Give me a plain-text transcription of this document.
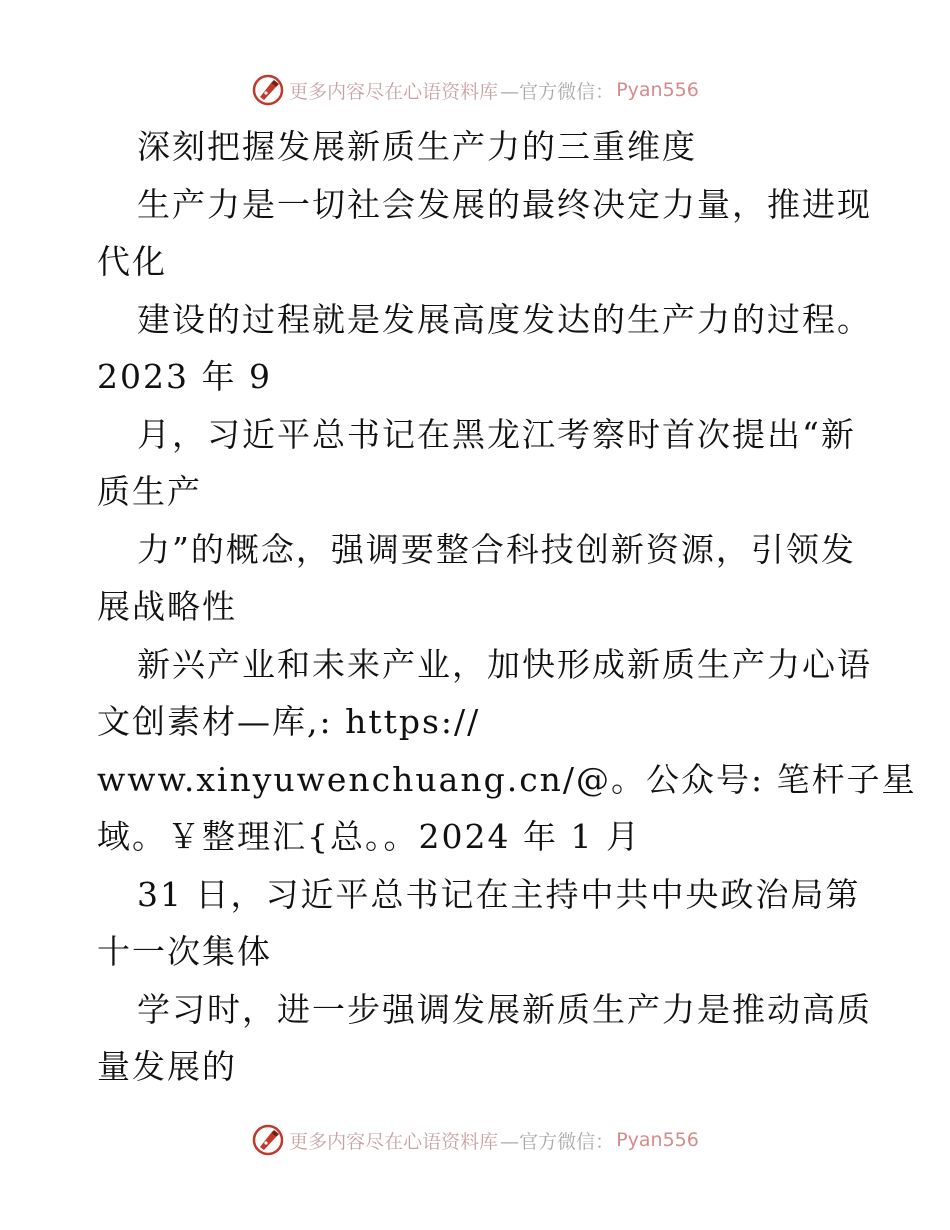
更多内容尽在心语资料库 —官方微信： Pyan556
深刻把握发展新质生产力的三重维度
生产力是一切社会发展的最终决定力量，推进现
代化
建设的过程就是发展高度发达的生产力的过程。
2023 年 9
月，习近平总书记在黑龙江考察时首次提出“新
质生产
力”的概念，强调要整合科技创新资源，引领发
展战略性
新兴产业和未来产业，加快形成新质生产力心语
文创素材—库,: https://
www.xinyuwenchuang.cn/@。公众号: 笔杆子星
域。￥整理汇{总。。2024 年 1 月
31 日，习近平总书记在主持中共中央政治局第
十一次集体
学习时，进一步强调发展新质生产力是推动高质
量发展的
更多内容尽在心语资料库 —官方微信： Pyan556
